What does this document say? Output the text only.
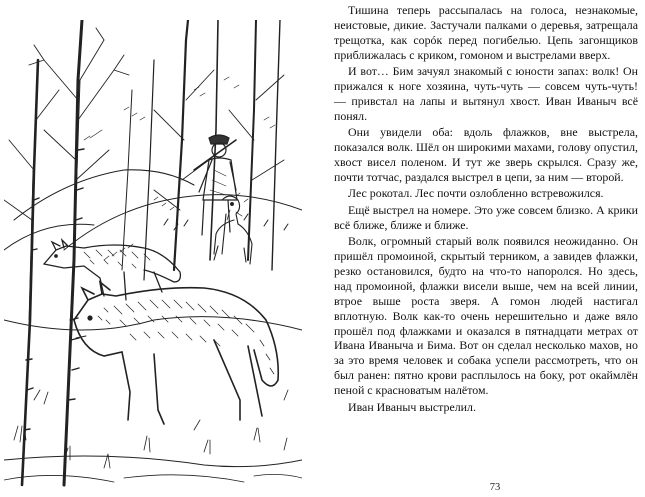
Тишина теперь рассыпалась на голоса, незнакомые, неистовые, дикие. Застучали палками о деревья, затрещала трещотка, как сорóк перед погибелью. Цепь загонщиков приближалась с криком, гомоном и выстрелами вверх.

И вот… Бим зачуял знакомый с юности запах: волк! Он прижался к ноге хозяина, чуть-чуть — совсем чуть-чуть! — привстал на лапы и вытянул хвост. Иван Иваныч всё понял.

Они увидели оба: вдоль флажков, вне выстрела, показался волк. Шёл он широкими махами, голову опустил, хвост висел поленом. И тут же зверь скрылся. Сразу же, почти тотчас, раздался выстрел в цепи, за ним — второй.

Лес рокотал. Лес почти озлобленно встревожился.

Ещё выстрел на номере. Это уже совсем близко. А крики всё ближе, ближе и ближе.

Волк, огромный старый волк появился неожиданно. Он пришёл промоиной, скрытый терником, а завидев флажки, резко остановился, будто на что-то напоролся. Но здесь, над промоиной, флажки висели выше, чем на всей линии, втрое выше роста зверя. А гомон людей настигал вплотную. Волк как-то очень нерешительно и даже вяло прошёл под флажками и оказался в пятнадцати метрах от Ивана Иваныча и Бима. Вот он сделал несколько махов, но за это время человек и собака успели рассмотреть, что он был ранен: пятно крови расплылось на боку, рот окаймлён пеной с красноватым налётом.

Иван Иваныч выстрелил.

73
